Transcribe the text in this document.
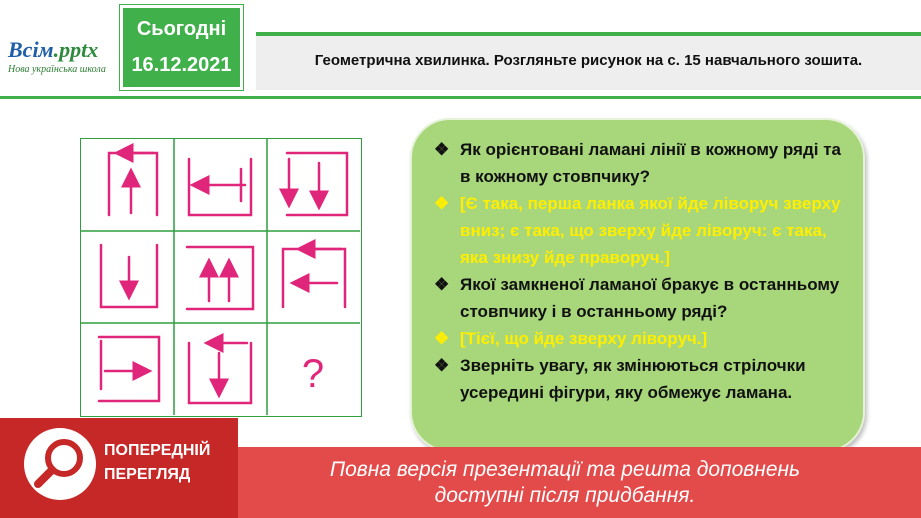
Всім.pptx
Нова українська школа
Сьогодні
16.12.2021	Геометрична хвилинка. Розгляньте рисунок на с. 15 навчального зошита.
?
❖ Як орієнтовані ламані лінії в кожному ряді та в кожному стовпчику?
❖ [Є така, перша ланка якої йде ліворуч зверху вниз; є така, що зверху йде ліворуч: є така, яка знизу йде праворуч.]
❖ Якої замкненої ламаної бракує в останньому стовпчику і в останньому ряді?
❖ [Тієї, що йде зверху ліворуч.]
❖ Зверніть увагу, як змінюються стрілочки усередині фігури, яку обмежує ламана.
Повна версія презентації та решта доповнень
доступні після придбання.
ПОПЕРЕДНІЙ
ПЕРЕГЛЯД
